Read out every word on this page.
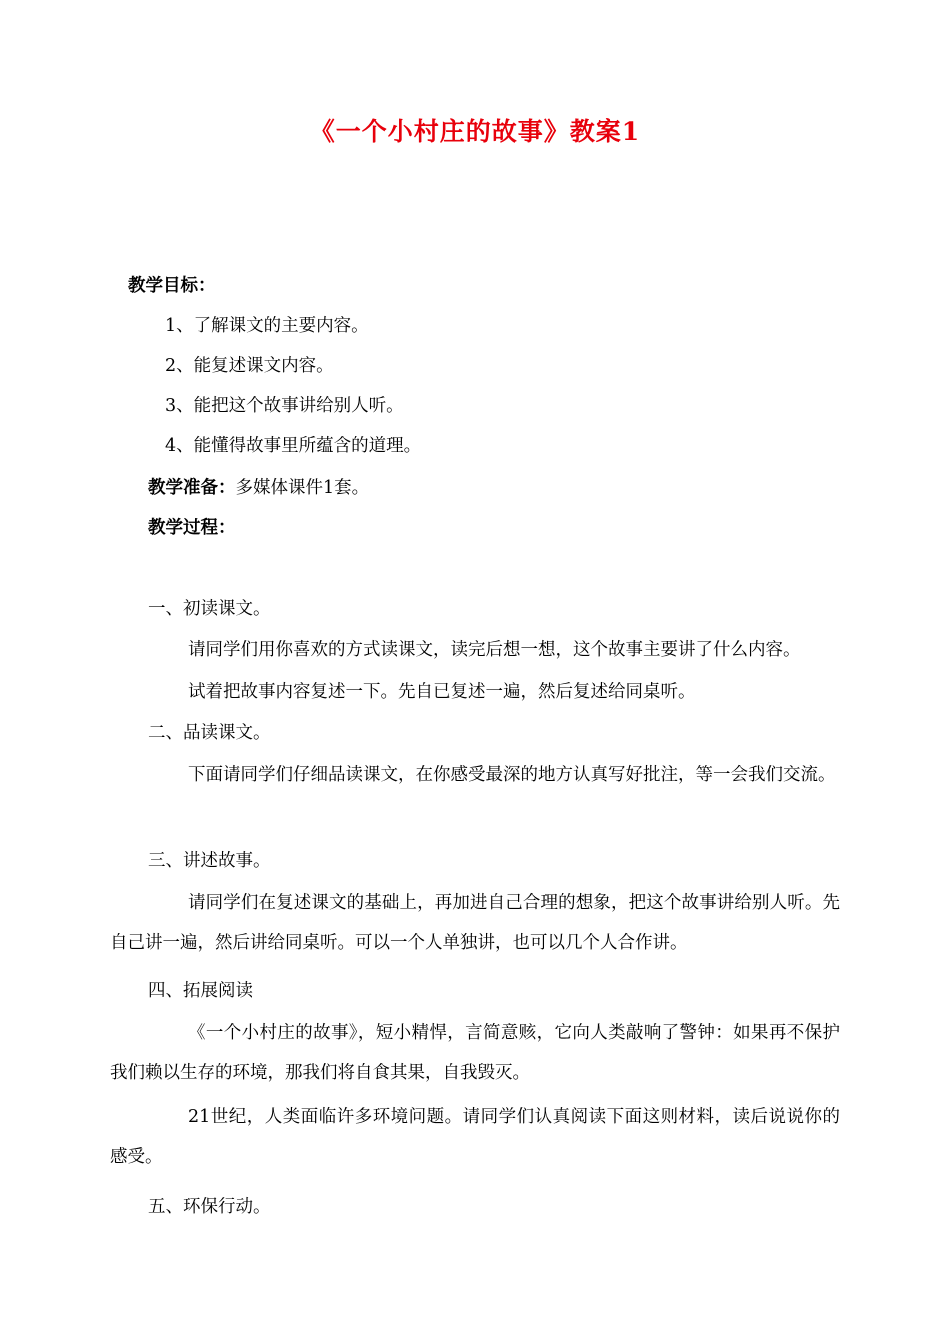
《一个小村庄的故事》教案1
教学目标：
1、了解课文的主要内容。
2、能复述课文内容。
3、能把这个故事讲给别人听。
4、能懂得故事里所蕴含的道理。
教学准备：多媒体课件1套。
教学过程：
一、初读课文。
请同学们用你喜欢的方式读课文，读完后想一想，这个故事主要讲了什么内容。
试着把故事内容复述一下。先自已复述一遍，然后复述给同桌听。
二、品读课文。
下面请同学们仔细品读课文，在你感受最深的地方认真写好批注，等一会我们交流。
三、讲述故事。
请同学们在复述课文的基础上，再加进自己合理的想象，把这个故事讲给别人听。先自己讲一遍，然后讲给同桌听。可以一个人单独讲，也可以几个人合作讲。
四、拓展阅读
《一个小村庄的故事》，短小精悍，言简意赅，它向人类敲响了警钟：如果再不保护我们赖以生存的环境，那我们将自食其果，自我毁灭。
21世纪，人类面临许多环境问题。请同学们认真阅读下面这则材料，读后说说你的感受。
五、环保行动。
